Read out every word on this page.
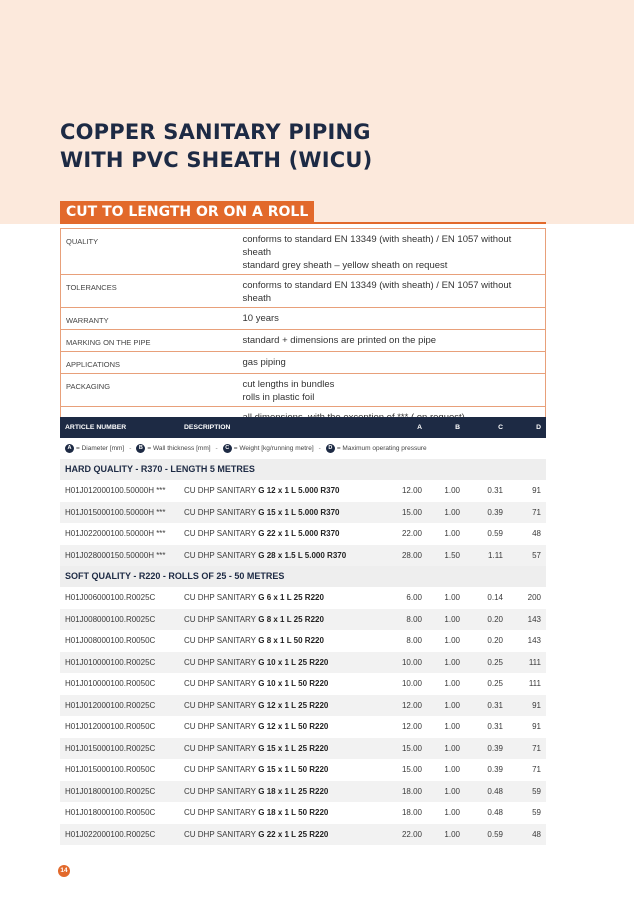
COPPER SANITARY PIPING
WITH PVC SHEATH (WICU)
CUT TO LENGTH OR ON A ROLL
QUALITY	conforms to standard EN 13349 (with sheath) / EN 1057 without sheath
standard grey sheath – yellow sheath on request

TOLERANCES	conforms to standard EN 13349 (with sheath) / EN 1057 without sheath

WARRANTY	10 years

MARKING ON THE PIPE	standard + dimensions are printed on the pipe

APPLICATIONS	gas piping

PACKAGING	cut lengths in bundles
rolls in plastic foil

ARTICLE NUMBER	DESCRIPTION	A	B	C	D
A = Diameter [mm] -	B = Wall thickness [mm] -	C = Weight [kg/running metre] -	D = Maximum operating pressure
HARD QUALITY - R370 - LENGTH 5 METRES
H01J012000100.50000H ***	CU DHP SANITARY G 12 x 1 L 5.000 R370	12.00	1.00	0.31	91
H01J015000100.50000H ***	CU DHP SANITARY G 15 x 1 L 5.000 R370	15.00	1.00	0.39	71
H01J022000100.50000H ***	CU DHP SANITARY G 22 x 1 L 5.000 R370	22.00	1.00	0.59	48
H01J028000150.50000H ***	CU DHP SANITARY G 28 x 1.5 L 5.000 R370	28.00	1.50	1.11	57
SOFT QUALITY - R220 - ROLLS OF 25 - 50 METRES
H01J006000100.R0025C	CU DHP SANITARY G 6 x 1 L 25 R220	6.00	1.00	0.14	200
H01J008000100.R0025C	CU DHP SANITARY G 8 x 1 L 25 R220	8.00	1.00	0.20	143
H01J008000100.R0050C	CU DHP SANITARY G 8 x 1 L 50 R220	8.00	1.00	0.20	143
H01J010000100.R0025C	CU DHP SANITARY G 10 x 1 L 25 R220	10.00	1.00	0.25	111
H01J010000100.R0050C	CU DHP SANITARY G 10 x 1 L 50 R220	10.00	1.00	0.25	111
H01J012000100.R0025C	CU DHP SANITARY G 12 x 1 L 25 R220	12.00	1.00	0.31	91
H01J012000100.R0050C	CU DHP SANITARY G 12 x 1 L 50 R220	12.00	1.00	0.31	91
H01J015000100.R0025C	CU DHP SANITARY G 15 x 1 L 25 R220	15.00	1.00	0.39	71
H01J015000100.R0050C	CU DHP SANITARY G 15 x 1 L 50 R220	15.00	1.00	0.39	71
H01J018000100.R0025C	CU DHP SANITARY G 18 x 1 L 25 R220	18.00	1.00	0.48	59
H01J018000100.R0050C	CU DHP SANITARY G 18 x 1 L 50 R220	18.00	1.00	0.48	59
H01J022000100.R0025C	CU DHP SANITARY G 22 x 1 L 25 R220	22.00	1.00	0.59	48
14
